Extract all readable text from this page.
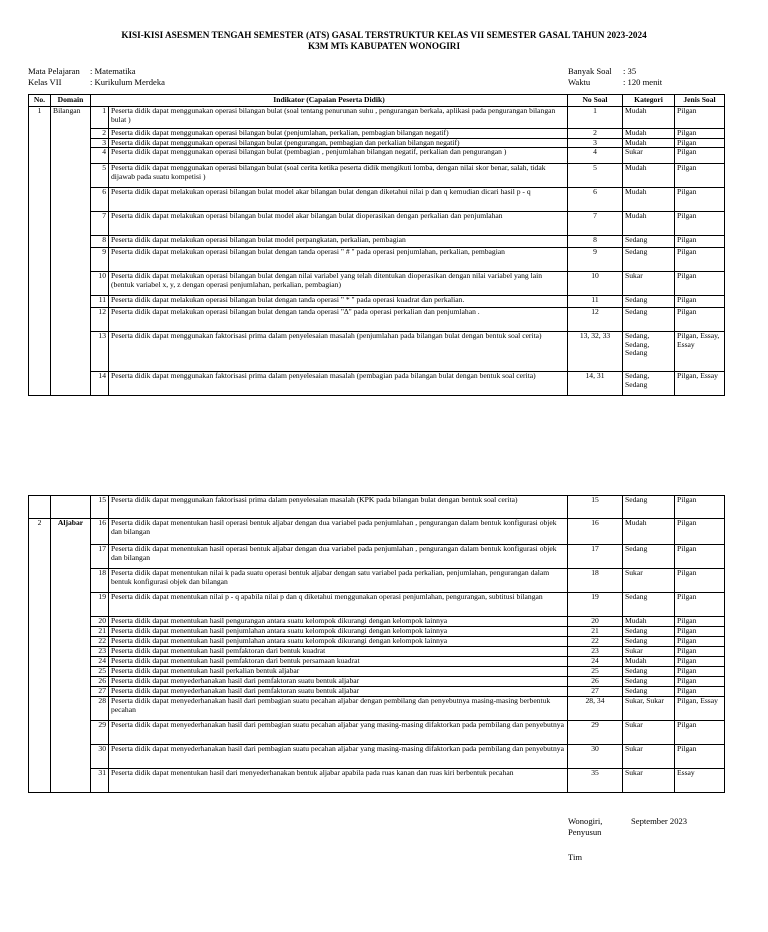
KISI-KISI ASESMEN TENGAH SEMESTER (ATS) GASAL TERSTRUKTUR KELAS VII SEMESTER GASAL TAHUN 2023-2024
K3M MTs KABUPATEN WONOGIRI
Mata Pelajaran : Matematika
Kelas VII	: Kurikulum Merdeka
Banyak Soal : 35
Waktu	: 120 menit
No.	Domain	Indikator (Capaian Peserta Didik)		No Soal	Kategori	Jenis Soal
1	Bilangan	1	Peserta didik dapat menggunakan operasi bilangan bulat (soal tentang penurunan suhu , pengurangan berkala, aplikasi pada pengurangan bilangan bulat )	1	Mudah	Pilgan
		2	Peserta didik dapat menggunakan operasi bilangan bulat (penjumlahan, perkalian, pembagian bilangan negatif)	2	Mudah	Pilgan
		3	Peserta didik dapat menggunakan operasi bilangan bulat (pengurangan, pembagian dan perkalian bilangan negatif)	3	Mudah	Pilgan
		4	Peserta didik dapat menggunakan operasi bilangan bulat (pembagian , penjumlahan bilangan negatif, perkalian dan pengurangan )	4	Sukar	Pilgan
		5	Peserta didik dapat menggunakan operasi bilangan bulat (soal cerita ketika peserta didik mengikuti lomba, dengan nilai skor benar, salah, tidak dijawab pada suatu kompetisi )	5	Mudah	Pilgan
		6	Peserta didik dapat melakukan operasi bilangan bulat model akar bilangan bulat dengan diketahui nilai p dan q kemudian dicari hasil p - q	6	Mudah	Pilgan
		7	Peserta didik dapat melakukan operasi bilangan bulat model akar bilangan bulat dioperasikan dengan perkalian dan penjumlahan	7	Mudah	Pilgan
		8	Peserta didik dapat melakukan operasi bilangan bulat model perpangkatan, perkalian, pembagian	8	Sedang	Pilgan
		9	Peserta didik dapat melakukan operasi bilangan bulat dengan tanda operasi " # " pada operasi penjumlahan, perkalian, pembagian	9	Sedang	Pilgan
		10	Peserta didik dapat melakukan operasi bilangan bulat dengan nilai variabel yang telah ditentukan dioperasikan dengan nilai variabel yang lain (bentuk variabel x, y, z dengan operasi penjumlahan, perkalian, pembagian)	10	Sukar	Pilgan
		11	Peserta didik dapat melakukan operasi bilangan bulat dengan tanda operasi " * " pada operasi kuadrat dan perkalian.	11	Sedang	Pilgan
		12	Peserta didik dapat melakukan operasi bilangan bulat dengan tanda operasi "∆" pada operasi perkalian dan penjumlahan .	12	Sedang	Pilgan
		13	Peserta didik dapat menggunakan faktorisasi prima dalam penyelesaian masalah (penjumlahan pada bilangan bulat dengan bentuk soal cerita)	13, 32, 33	Sedang, Sedang, Sedang	Pilgan, Essay, Essay
		14	Peserta didik dapat menggunakan faktorisasi prima dalam penyelesaian masalah (pembagian pada bilangan bulat dengan bentuk soal cerita)	14, 31	Sedang, Sedang	Pilgan, Essay
		15	Peserta didik dapat menggunakan faktorisasi prima dalam penyelesaian masalah (KPK pada bilangan bulat dengan bentuk soal cerita)	15	Sedang	Pilgan
2	Aljabar	16	Peserta didik dapat menentukan hasil operasi bentuk aljabar dengan dua variabel pada penjumlahan , pengurangan dalam bentuk konfigurasi objek dan bilangan	16	Mudah	Pilgan
		17	Peserta didik dapat menentukan hasil operasi bentuk aljabar dengan dua variabel pada penjumlahan , pengurangan dalam bentuk konfigurasi objek dan bilangan	17	Sedang	Pilgan
		18	Peserta didik dapat menentukan nilai k pada suatu operasi bentuk aljabar dengan satu variabel pada perkalian, penjumlahan, pengurangan dalam bentuk konfigurasi objek dan bilangan	18	Sukar	Pilgan
		19	Peserta didik dapat menentukan nilai p - q apabila nilai p dan q diketahui menggunakan operasi penjumlahan, pengurangan, subtitusi bilangan	19	Sedang	Pilgan
		20	Peserta didik dapat menentukan hasil pengurangan antara suatu kelompok dikurangi dengan kelompok lainnya	20	Mudah	Pilgan
		21	Peserta didik dapat menentukan hasil penjumlahan antara suatu kelompok dikurangi dengan kelompok lainnya	21	Sedang	Pilgan
		22	Peserta didik dapat menentukan hasil penjumlahan antara suatu kelompok dikurangi dengan kelompok lainnya	22	Sedang	Pilgan
		23	Peserta didik dapat menentukan hasil pemfaktoran dari bentuk kuadrat	23	Sukar	Pilgan
		24	Peserta didik dapat menentukan hasil pemfaktoran dari bentuk persamaan kuadrat	24	Mudah	Pilgan
		25	Peserta didik dapat menentukan hasil perkalian bentuk aljabar	25	Sedang	Pilgan
		26	Peserta didik dapat menyederhanakan hasil dari pemfaktoran suatu bentuk aljabar	26	Sedang	Pilgan
		27	Peserta didik dapat menyederhanakan hasil dari pemfaktoran suatu bentuk aljabar	27	Sedang	Pilgan
		28	Peserta didik dapat menyederhanakan hasil dari pembagian suatu pecahan aljabar dengan pembilang dan penyebutnya masing-masing berbentuk pecahan	28, 34	Sukar, Sukar	Pilgan, Essay
		29	Peserta didik dapat menyederhanakan hasil dari pembagian suatu pecahan aljabar yang masing-masing difaktorkan pada pembilang dan penyebutnya	29	Sukar	Pilgan
		30	Peserta didik dapat menyederhanakan hasil dari pembagian suatu pecahan aljabar yang masing-masing difaktorkan pada pembilang dan penyebutnya	30	Sukar	Pilgan
		31	Peserta didik dapat menentukan hasil dari menyederhanakan bentuk aljabar apabila pada ruas kanan dan ruas kiri berbentuk pecahan	35	Sukar	Essay
Wonogiri,	September 2023
Penyusun
Tim
